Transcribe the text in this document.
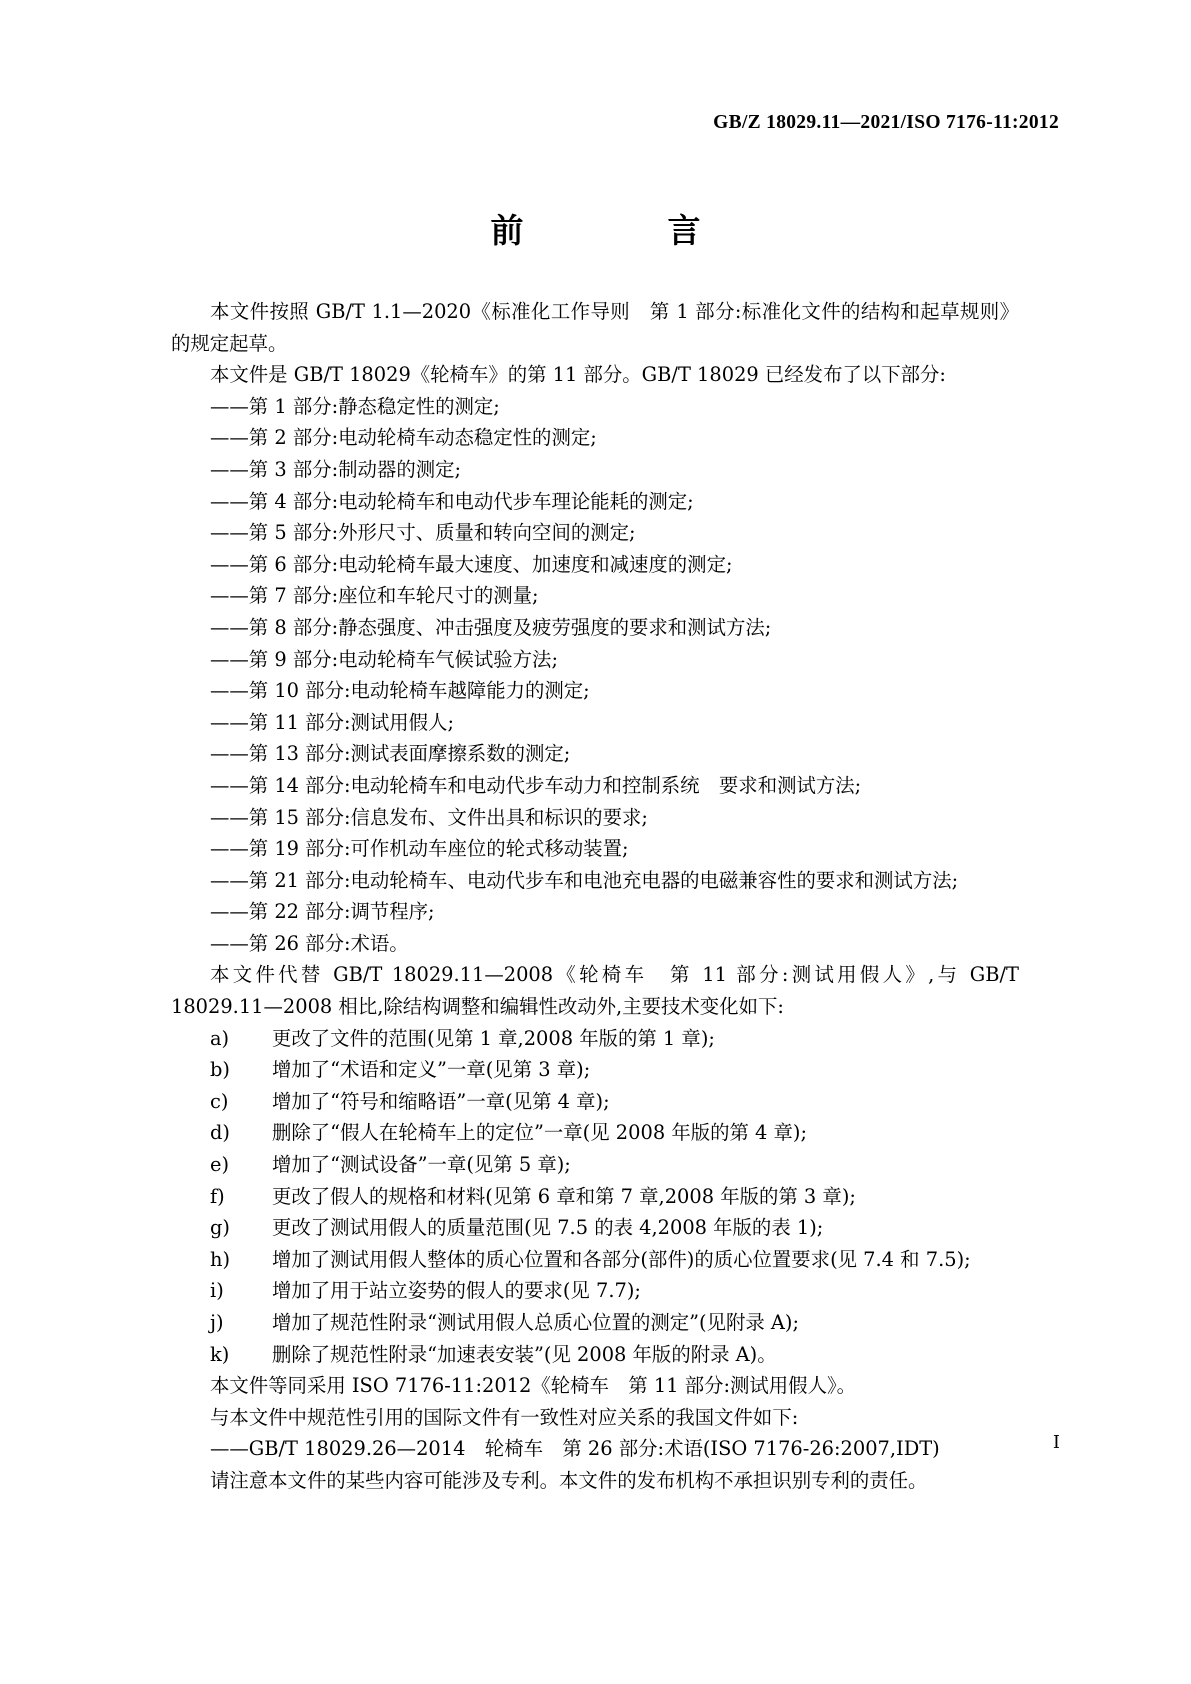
GB/Z 18029.11—2021/ISO 7176-11:2012
前　　言

本文件按照 GB/T 1.1—2020《标准化工作导则　第 1 部分:标准化文件的结构和起草规则》的规定起草。

本文件是 GB/T 18029《轮椅车》的第 11 部分。GB/T 18029 已经发布了以下部分:

——第 1 部分:静态稳定性的测定;

——第 2 部分:电动轮椅车动态稳定性的测定;

——第 3 部分:制动器的测定;

——第 4 部分:电动轮椅车和电动代步车理论能耗的测定;

——第 5 部分:外形尺寸、质量和转向空间的测定;

——第 6 部分:电动轮椅车最大速度、加速度和减速度的测定;

——第 7 部分:座位和车轮尺寸的测量;

——第 8 部分:静态强度、冲击强度及疲劳强度的要求和测试方法;

——第 9 部分:电动轮椅车气候试验方法;

——第 10 部分:电动轮椅车越障能力的测定;

——第 11 部分:测试用假人;

——第 13 部分:测试表面摩擦系数的测定;

——第 14 部分:电动轮椅车和电动代步车动力和控制系统　要求和测试方法;

——第 15 部分:信息发布、文件出具和标识的要求;

——第 19 部分:可作机动车座位的轮式移动装置;

——第 21 部分:电动轮椅车、电动代步车和电池充电器的电磁兼容性的要求和测试方法;

——第 22 部分:调节程序;

——第 26 部分:术语。

本文件代替 GB/T 18029.11—2008《轮椅车　第 11 部分:测试用假人》,与 GB/T 18029.11—2008 相比,除结构调整和编辑性改动外,主要技术变化如下:

a)	更改了文件的范围(见第 1 章,2008 年版的第 1 章);
b)	增加了“术语和定义”一章(见第 3 章);
c)	增加了“符号和缩略语”一章(见第 4 章);
d)	删除了“假人在轮椅车上的定位”一章(见 2008 年版的第 4 章);
e)	增加了“测试设备”一章(见第 5 章);
f)	更改了假人的规格和材料(见第 6 章和第 7 章,2008 年版的第 3 章);
g)	更改了测试用假人的质量范围(见 7.5 的表 4,2008 年版的表 1);
h)	增加了测试用假人整体的质心位置和各部分(部件)的质心位置要求(见 7.4 和 7.5);
i)	增加了用于站立姿势的假人的要求(见 7.7);
j)	增加了规范性附录“测试用假人总质心位置的测定”(见附录 A);
k)	删除了规范性附录“加速表安装”(见 2008 年版的附录 A)。

本文件等同采用 ISO 7176-11:2012《轮椅车　第 11 部分:测试用假人》。

与本文件中规范性引用的国际文件有一致性对应关系的我国文件如下:

——GB/T 18029.26—2014　轮椅车　第 26 部分:术语(ISO 7176-26:2007,IDT)

请注意本文件的某些内容可能涉及专利。本文件的发布机构不承担识别专利的责任。

Ⅰ
